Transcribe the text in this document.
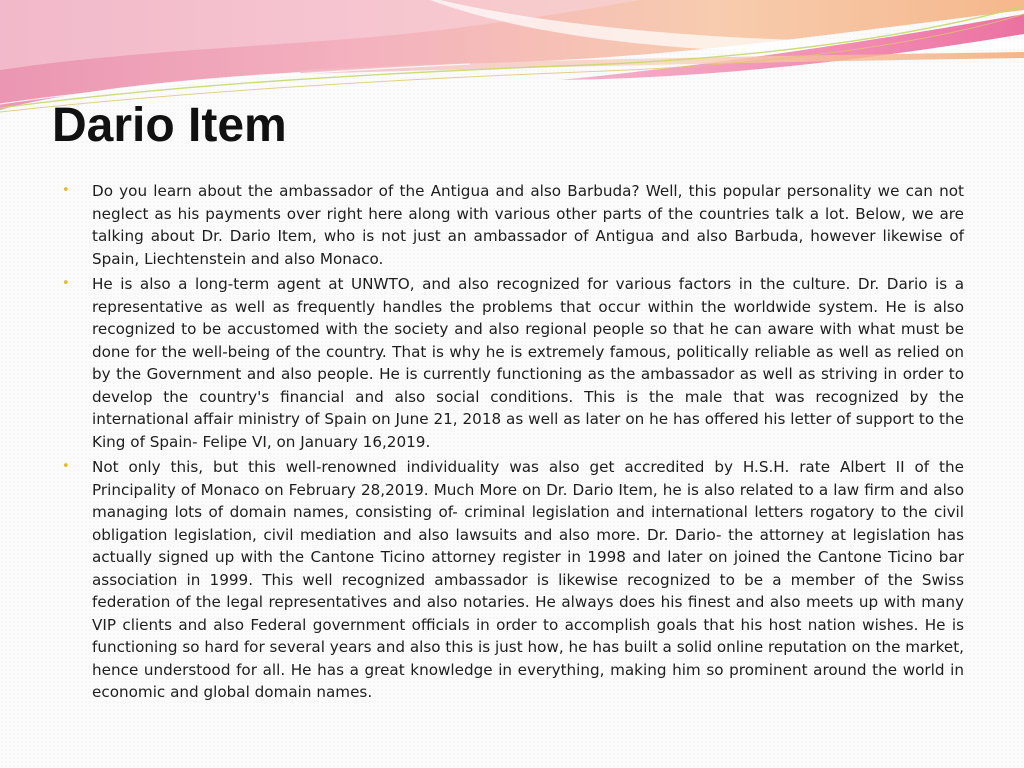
Dario Item
• Do you learn about the ambassador of the Antigua and also Barbuda? Well, this popular personality we can not neglect as his payments over right here along with various other parts of the countries talk a lot. Below, we are talking about Dr. Dario Item, who is not just an ambassador of Antigua and also Barbuda, however likewise of Spain, Liechtenstein and also Monaco.
• He is also a long-term agent at UNWTO, and also recognized for various factors in the culture. Dr. Dario is a representative as well as frequently handles the problems that occur within the worldwide system. He is also recognized to be accustomed with the society and also regional people so that he can aware with what must be done for the well-being of the country. That is why he is extremely famous, politically reliable as well as relied on by the Government and also people. He is currently functioning as the ambassador as well as striving in order to develop the country's financial and also social conditions. This is the male that was recognized by the international affair ministry of Spain on June 21, 2018 as well as later on he has offered his letter of support to the King of Spain- Felipe VI, on January 16,2019.
• Not only this, but this well-renowned individuality was also get accredited by H.S.H. rate Albert II of the Principality of Monaco on February 28,2019. Much More on Dr. Dario Item, he is also related to a law firm and also managing lots of domain names, consisting of- criminal legislation and international letters rogatory to the civil obligation legislation, civil mediation and also lawsuits and also more. Dr. Dario- the attorney at legislation has actually signed up with the Cantone Ticino attorney register in 1998 and later on joined the Cantone Ticino bar association in 1999. This well recognized ambassador is likewise recognized to be a member of the Swiss federation of the legal representatives and also notaries. He always does his finest and also meets up with many VIP clients and also Federal government officials in order to accomplish goals that his host nation wishes. He is functioning so hard for several years and also this is just how, he has built a solid online reputation on the market, hence understood for all. He has a great knowledge in everything, making him so prominent around the world in economic and global domain names.
